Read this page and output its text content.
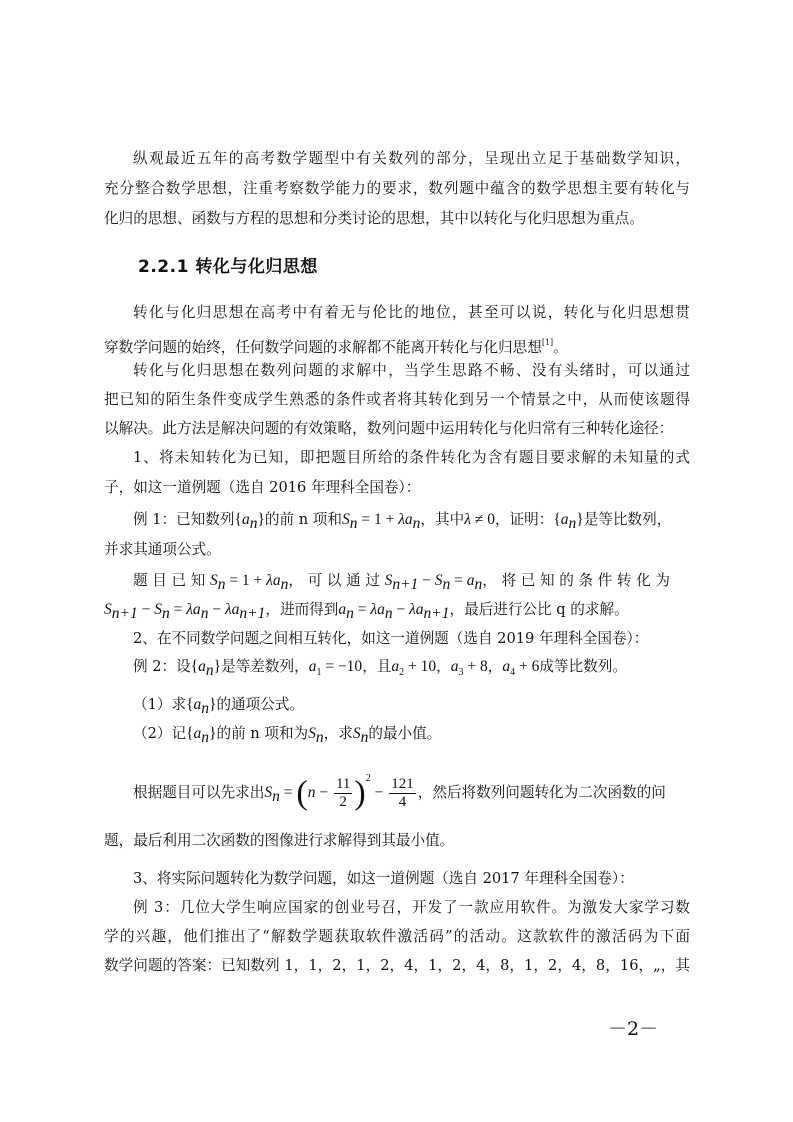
纵观最近五年的高考数学题型中有关数列的部分，呈现出立足于基础数学知识，
充分整合数学思想，注重考察数学能力的要求，数列题中蕴含的数学思想主要有转化与
化归的思想、函数与方程的思想和分类讨论的思想，其中以转化与化归思想为重点。
2.2.1 转化与化归思想
转化与化归思想在高考中有着无与伦比的地位，甚至可以说，转化与化归思想贯
穿数学问题的始终，任何数学问题的求解都不能离开转化与化归思想[1]。
转化与化归思想在数列问题的求解中，当学生思路不畅、没有头绪时，可以通过
把已知的陌生条件变成学生熟悉的条件或者将其转化到另一个情景之中，从而使该题得
以解决。此方法是解决问题的有效策略，数列问题中运用转化与化归常有三种转化途径：
1、将未知转化为已知，即把题目所给的条件转化为含有题目要求解的未知量的式
子，如这一道例题（选自 2016 年理科全国卷）：
例 1：已知数列$\{a_n\}$的前 n 项和$S_n = 1 + \lambda a_n$，其中λ ≠ 0，证明：$\{a_n\}$是等比数列，
并求其通项公式。
题 目 已 知 $S_n = 1 + \lambda a_n$， 可 以 通 过 $S_{n+1} - S_n = a_n$， 将 已 知 的 条 件 转 化 为
$S_{n+1} - S_n = \lambda a_n - \lambda a_{n+1}$，进而得到$a_n = \lambda a_n - \lambda a_{n+1}$，最后进行公比 q 的求解。
2、在不同数学问题之间相互转化，如这一道例题（选自 2019 年理科全国卷）：
例 2：设$\{a_n\}$是等差数列，$a_1 = -10$，且$a_2 + 10$，$a_3 + 8$，$a_4 + 6$成等比数列。
（1）求$\{a_n\}$的通项公式。
（2）记$\{a_n\}$的前 n 项和为$S_n$，求$S_n$的最小值。
根据题目可以先求出$S_n = (n - \frac{11}{2} )^2 - \frac{121}{4}$ ，然后将数列问题转化为二次函数的问
题，最后利用二次函数的图像进行求解得到其最小值。
3、将实际问题转化为数学问题，如这一道例题（选自 2017 年理科全国卷）：
例 3：几位大学生响应国家的创业号召，开发了一款应用软件。为激发大家学习数
学的兴趣，他们推出了“解数学题获取软件激活码”的活动。这款软件的激活码为下面
数学问题的答案：已知数列 1，1，2，1，2，4，1，2，4，8，1，2，4，8，16，„，其
－2－
